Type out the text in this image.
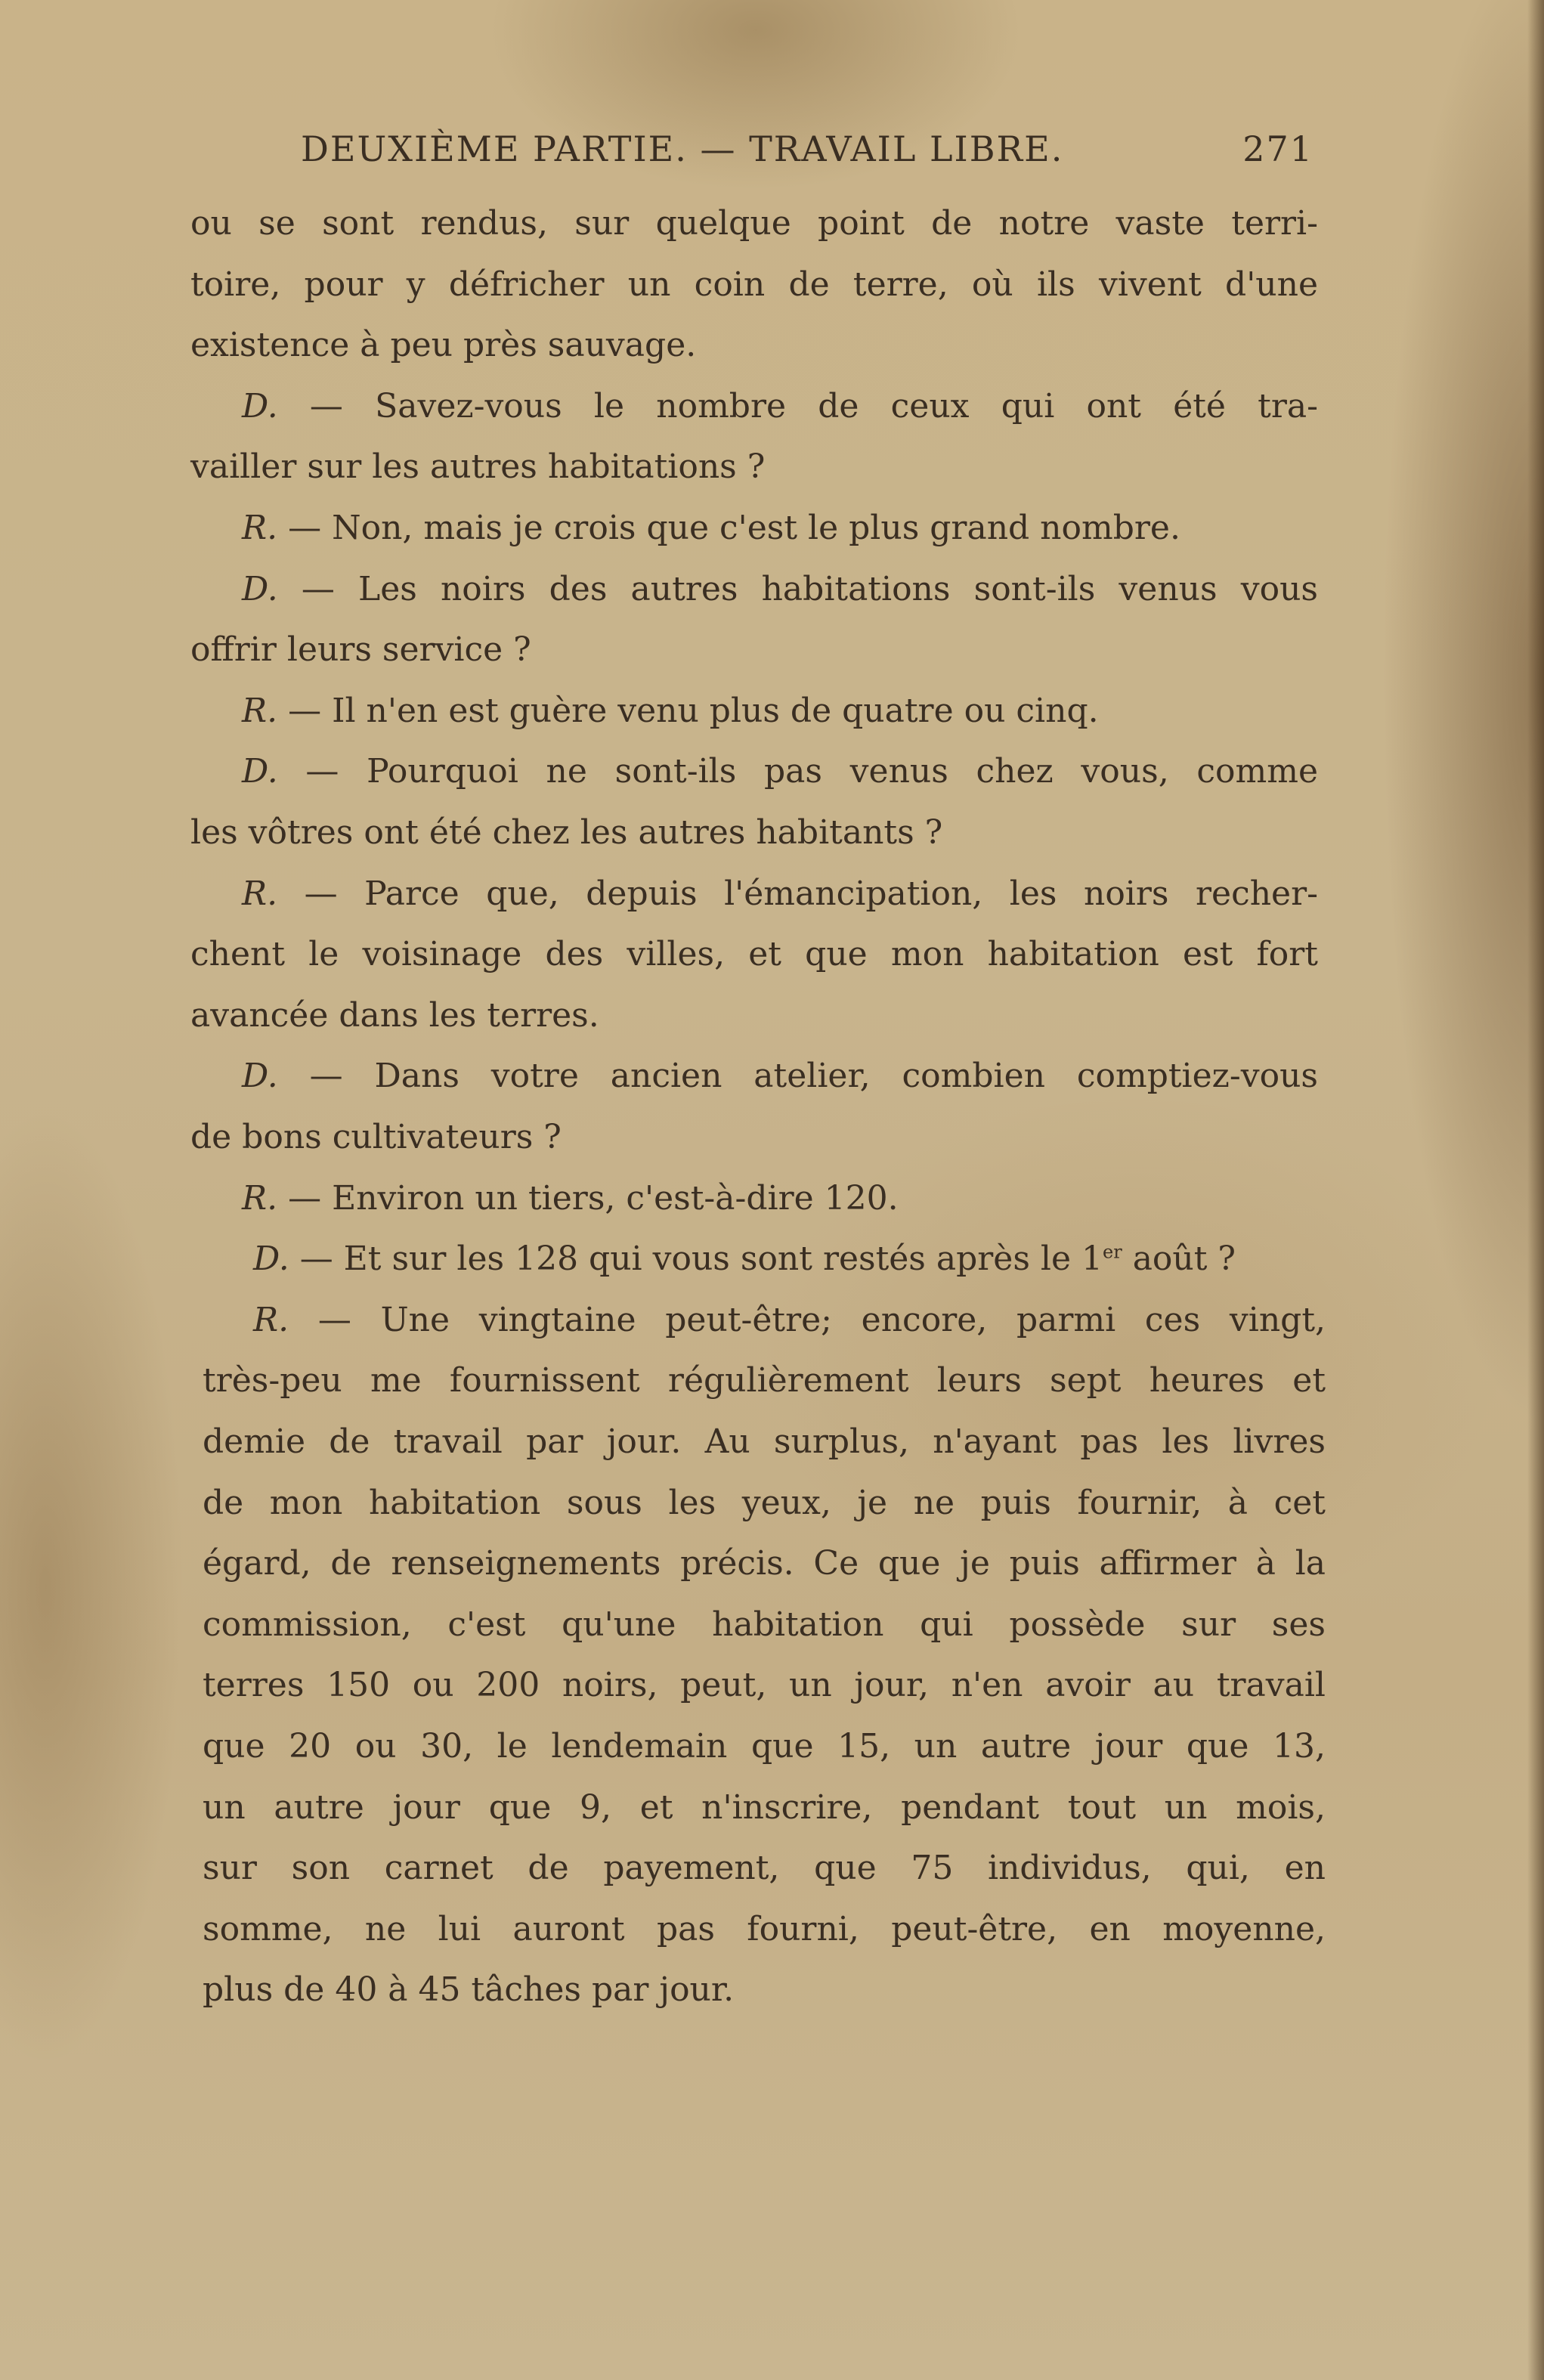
DEUXIÈME PARTIE. — TRAVAIL LIBRE.	271
ou se sont rendus, sur quelque point de notre vaste terri-
toire, pour y défricher un coin de terre, où ils vivent d'une
existence à peu près sauvage.
D. — Savez-vous le nombre de ceux qui ont été tra-
vailler sur les autres habitations ?
R. — Non, mais je crois que c'est le plus grand nombre.
D. — Les noirs des autres habitations sont-ils venus vous
offrir leurs service ?
R. — Il n'en est guère venu plus de quatre ou cinq.
D. — Pourquoi ne sont-ils pas venus chez vous, comme
les vôtres ont été chez les autres habitants ?
R. — Parce que, depuis l'émancipation, les noirs recher-
chent le voisinage des villes, et que mon habitation est fort
avancée dans les terres.
D. — Dans votre ancien atelier, combien comptiez-vous
de bons cultivateurs ?
R. — Environ un tiers, c'est-à-dire 120.
D. — Et sur les 128 qui vous sont restés après le 1er août ?
R. — Une vingtaine peut-être; encore, parmi ces vingt,
très-peu me fournissent régulièrement leurs sept heures et
demie de travail par jour. Au surplus, n'ayant pas les livres
de mon habitation sous les yeux, je ne puis fournir, à cet
égard, de renseignements précis. Ce que je puis affirmer à la
commission, c'est qu'une habitation qui possède sur ses
terres 150 ou 200 noirs, peut, un jour, n'en avoir au travail
que 20 ou 30, le lendemain que 15, un autre jour que 13,
un autre jour que 9, et n'inscrire, pendant tout un mois,
sur son carnet de payement, que 75 individus, qui, en
somme, ne lui auront pas fourni, peut-être, en moyenne,
plus de 40 à 45 tâches par jour.
